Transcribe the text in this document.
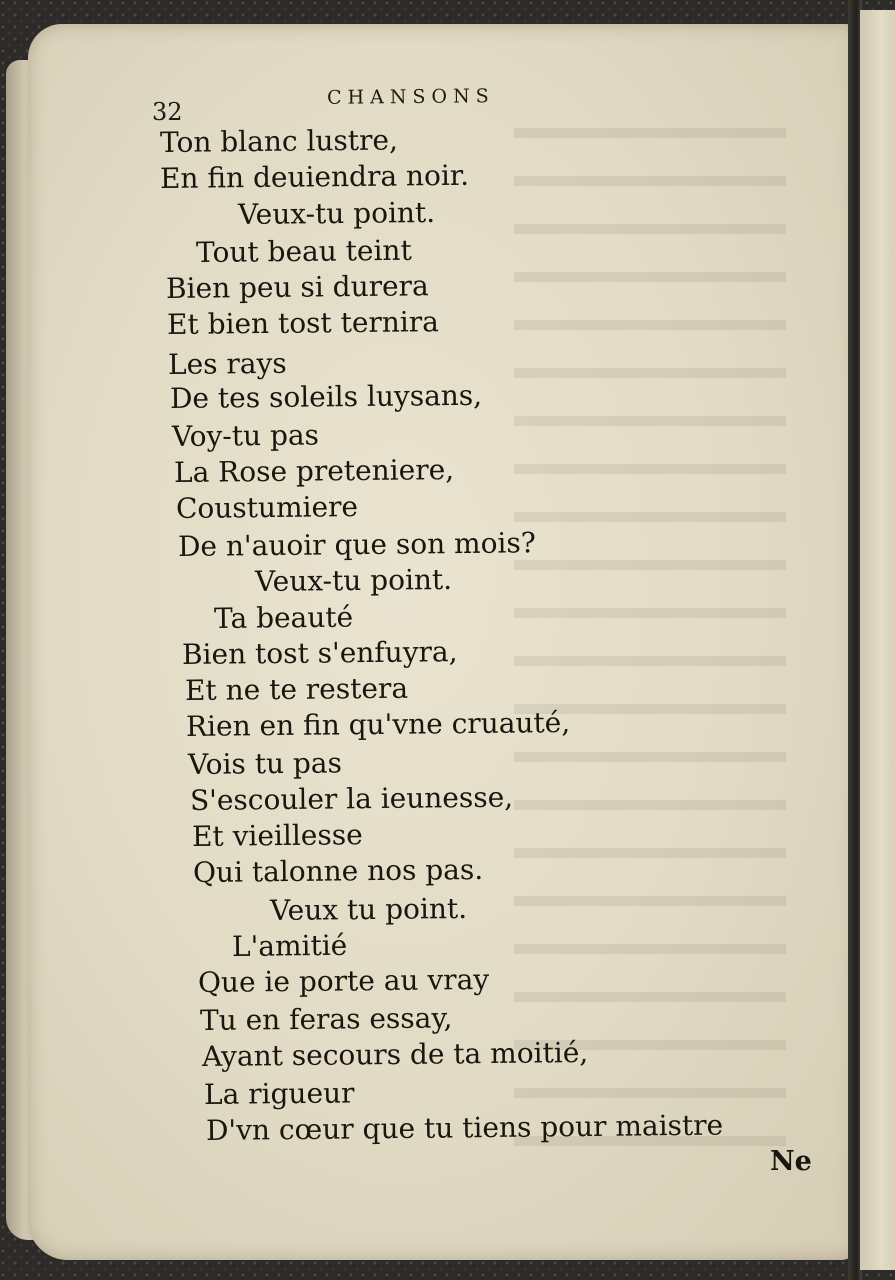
32
CHANSONS
Ton blanc lustre,
En fin deuiendra noir.
Veux-tu point.
Tout beau teint
Bien peu si durera
Et bien tost ternira
Les rays
De tes soleils luysans,
Voy-tu pas
La Rose preteniere,
Coustumiere
De n'auoir que son mois?
Veux-tu point.
Ta beauté
Bien tost s'enfuyra,
Et ne te restera
Rien en fin qu'vne cruauté,
Vois tu pas
S'escouler la ieunesse,
Et vieillesse
Qui talonne nos pas.
Veux tu point.
L'amitié
Que ie porte au vray
Tu en feras essay,
Ayant secours de ta moitié,
La rigueur
D'vn cœur que tu tiens pour maistre
Ne
